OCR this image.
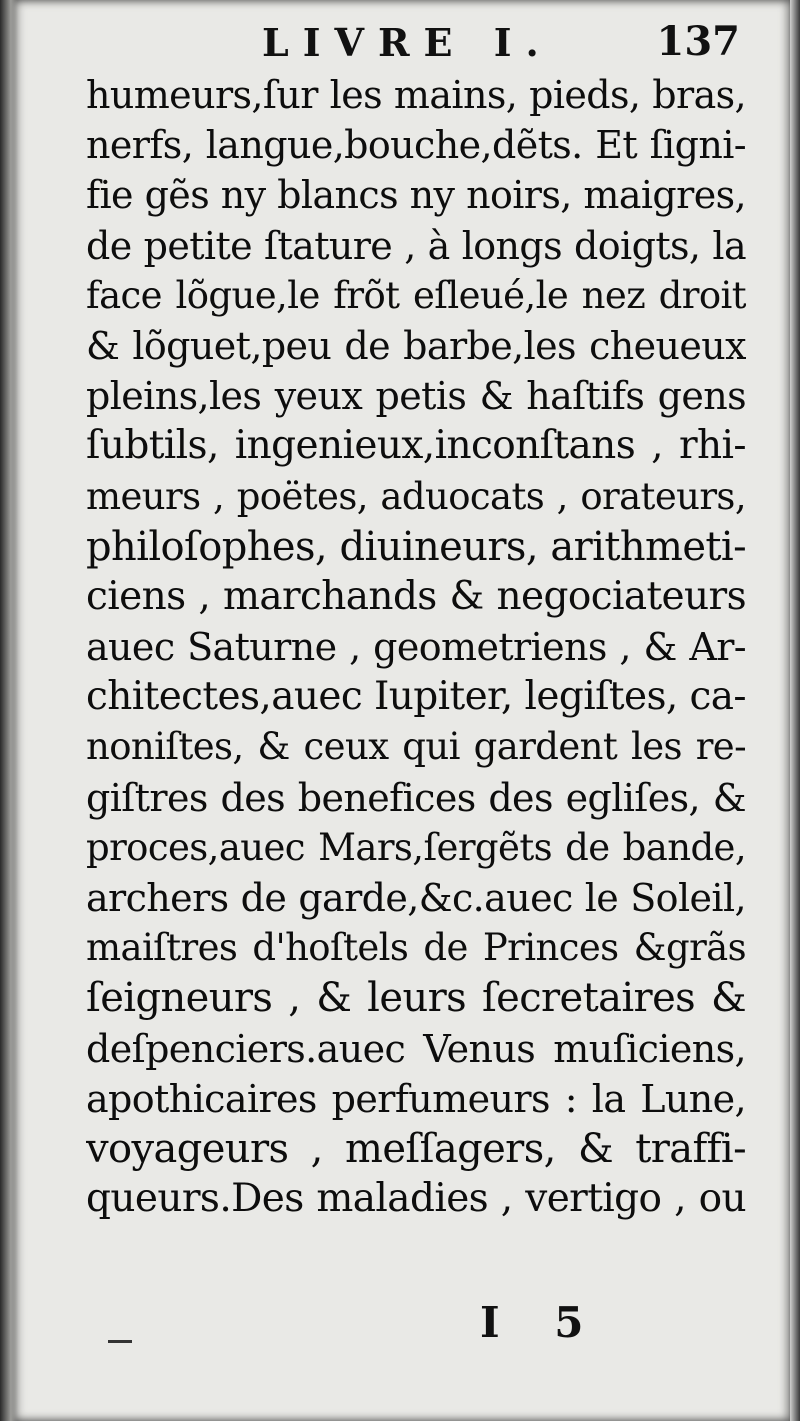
LIVRE I.	137
humeurs,ſur les mains, pieds, bras,
nerfs, langue,bouche,dẽts. Et ſigni-
fie gẽs ny blancs ny noirs, maigres,
de petite ſtature , à longs doigts, la
face lõgue,le frõt eſleué,le nez droit
& lõguet,peu de barbe,les cheueux
pleins,les yeux petis & haſtifs gens
ſubtils, ingenieux,inconſtans , rhi-
meurs , poëtes, aduocats , orateurs,
philoſophes, diuineurs, arithmeti-
ciens , marchands & negociateurs
auec Saturne , geometriens , & Ar-
chitectes,auec Iupiter, legiſtes, ca-
noniſtes, & ceux qui gardent les re-
giſtres des benefices des egliſes, &
proces,auec Mars,ſergẽts de bande,
archers de garde,&c.auec le Soleil,
maiſtres d'hoſtels de Princes &grãs
ſeigneurs , & leurs ſecretaires &
deſpenciers.auec Venus muſiciens,
apothicaires perfumeurs : la Lune,
voyageurs , meſſagers, & traffi-
queurs.Des maladies , vertigo , ou
I 5
